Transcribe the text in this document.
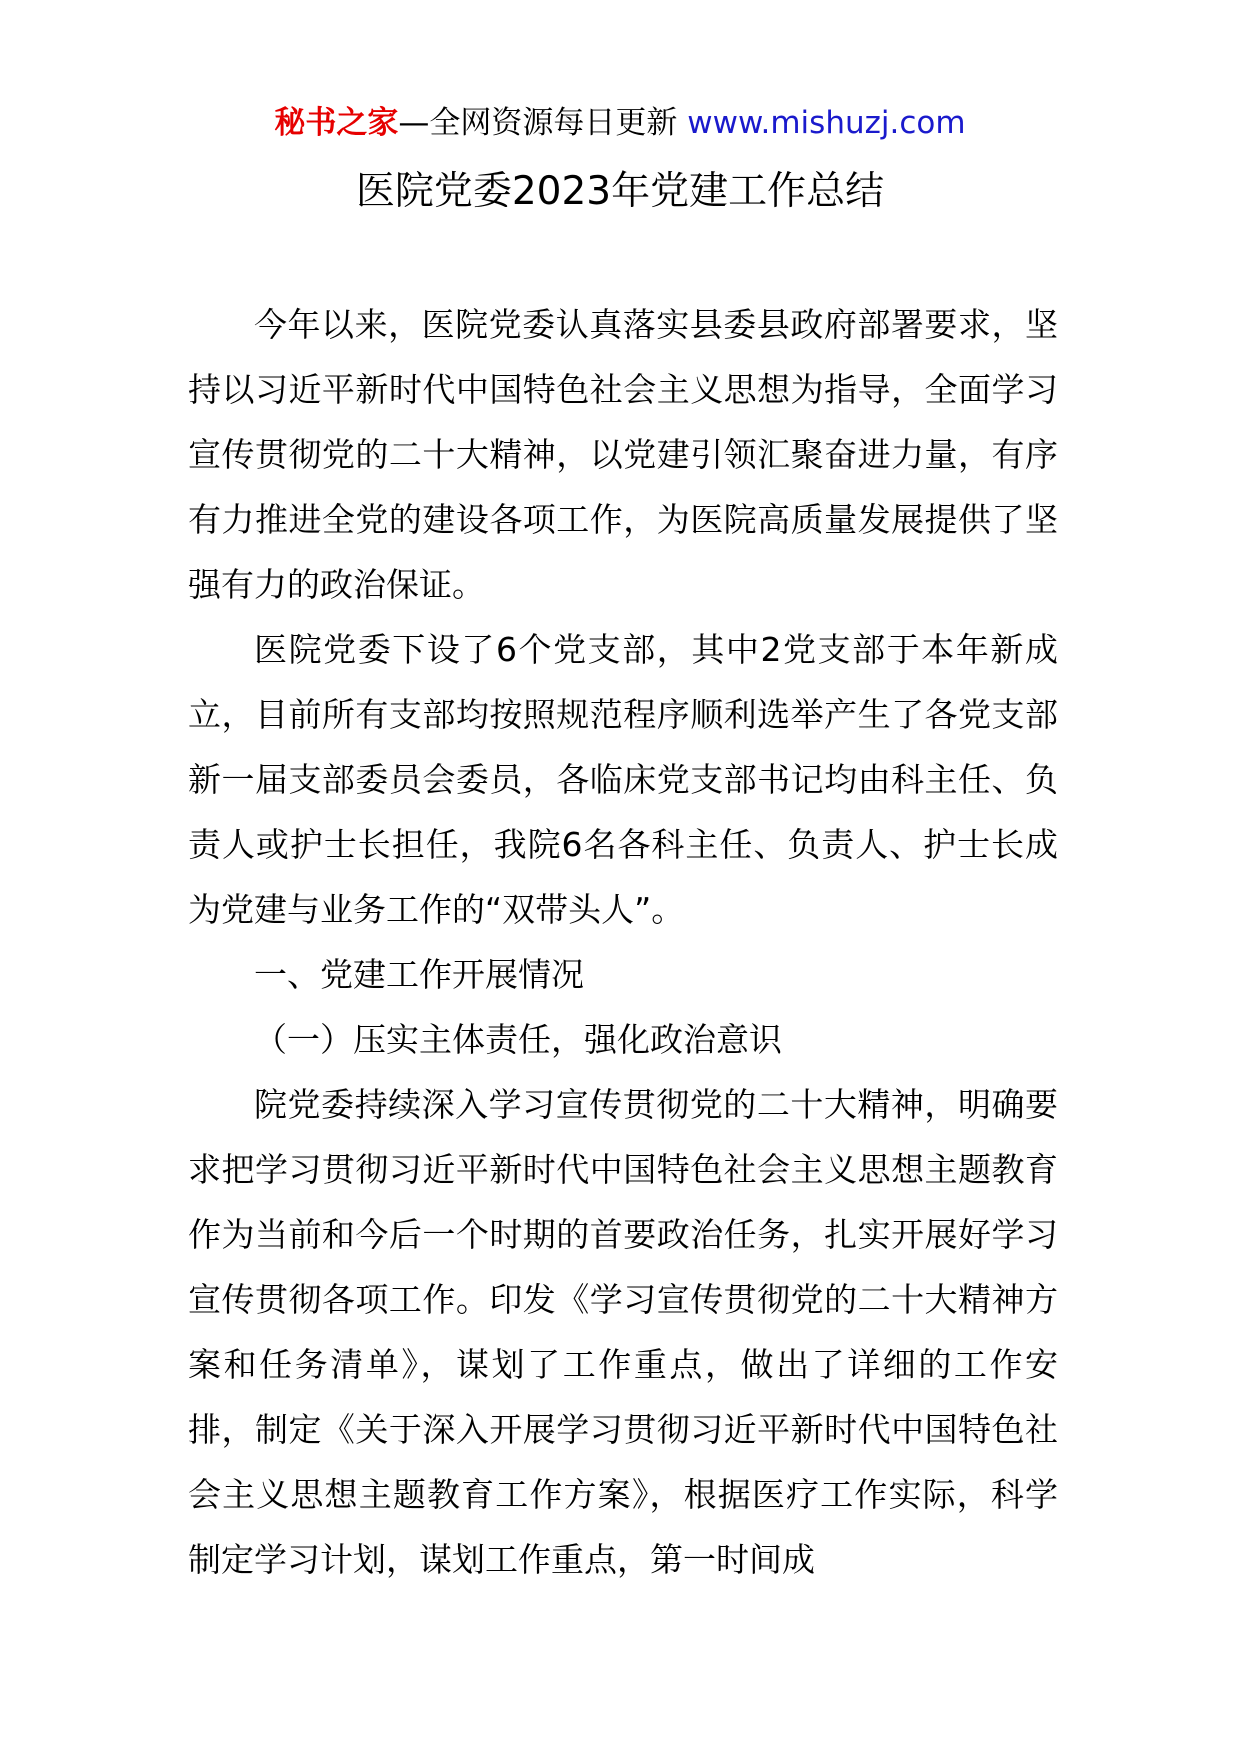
秘书之家—全网资源每日更新 www.mishuzj.com
医院党委2023年党建工作总结

今年以来，医院党委认真落实县委县政府部署要求，坚持以习近平新时代中国特色社会主义思想为指导，全面学习宣传贯彻党的二十大精神，以党建引领汇聚奋进力量，有序有力推进全党的建设各项工作，为医院高质量发展提供了坚强有力的政治保证。

医院党委下设了6个党支部，其中2党支部于本年新成立，目前所有支部均按照规范程序顺利选举产生了各党支部新一届支部委员会委员，各临床党支部书记均由科主任、负责人或护士长担任，我院6名各科主任、负责人、护士长成为党建与业务工作的“双带头人”。

一、党建工作开展情况

（一）压实主体责任，强化政治意识

院党委持续深入学习宣传贯彻党的二十大精神，明确要求把学习贯彻习近平新时代中国特色社会主义思想主题教育作为当前和今后一个时期的首要政治任务，扎实开展好学习宣传贯彻各项工作。印发《学习宣传贯彻党的二十大精神方案和任务清单》，谋划了工作重点，做出了详细的工作安排，制定《关于深入开展学习贯彻习近平新时代中国特色社会主义思想主题教育工作方案》，根据医疗工作实际，科学制定学习计划，谋划工作重点，第一时间成
